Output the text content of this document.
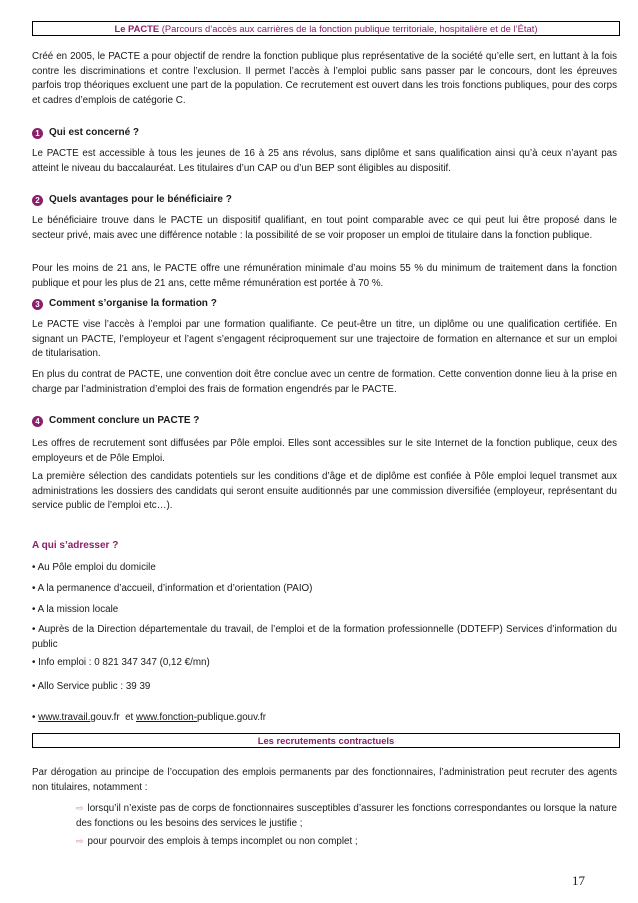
Le PACTE (Parcours d’accès aux carrières de la fonction publique territoriale, hospitalière et de l’État)

Créé en 2005, le PACTE a pour objectif de rendre la fonction publique plus représentative de la société qu’elle sert, en luttant à la fois contre les discriminations et contre l’exclusion. Il permet l’accès à l’emploi public sans passer par le concours, dont les épreuves parfois trop théoriques excluent une part de la population. Ce recrutement est ouvert dans les trois fonctions publiques, pour des corps et cadres d’emplois de catégorie C.

1 Qui est concerné ?

Le PACTE est accessible à tous les jeunes de 16 à 25 ans révolus, sans diplôme et sans qualification ainsi qu’à ceux n’ayant pas atteint le niveau du baccalauréat. Les titulaires d’un CAP ou d’un BEP sont éligibles au dispositif.

2 Quels avantages pour le bénéficiaire ?

Le bénéficiaire trouve dans le PACTE un dispositif qualifiant, en tout point comparable avec ce qui peut lui être proposé dans le secteur privé, mais avec une différence notable : la possibilité de se voir proposer un emploi de titulaire dans la fonction publique.

Pour les moins de 21 ans, le PACTE offre une rémunération minimale d’au moins 55 % du minimum de traitement dans la fonction publique et pour les plus de 21 ans, cette même rémunération est portée à 70 %.

3 Comment s’organise la formation ?

Le PACTE vise l’accès à l’emploi par une formation qualifiante. Ce peut-être un titre, un diplôme ou une qualification certifiée. En signant un PACTE, l’employeur et l’agent s’engagent réciproquement sur une trajectoire de formation en alternance et sur un emploi de titularisation.

En plus du contrat de PACTE, une convention doit être conclue avec un centre de formation. Cette convention donne lieu à la prise en charge par l’administration d’emploi des frais de formation engendrés par le PACTE.

4 Comment conclure un PACTE ?

Les offres de recrutement sont diffusées par Pôle emploi. Elles sont accessibles sur le site Internet de la fonction publique, ceux des employeurs et de Pôle Emploi.

La première sélection des candidats potentiels sur les conditions d’âge et de diplôme est confiée à Pôle emploi lequel transmet aux administrations les dossiers des candidats qui seront ensuite auditionnés par une commission diversifiée (employeur, représentant du service public de l’emploi etc…).

A qui s’adresser ?

• Au Pôle emploi du domicile

• A la permanence d’accueil, d’information et d’orientation (PAIO)

• A la mission locale

• Auprès de la Direction départementale du travail, de l’emploi et de la formation professionnelle (DDTEFP) Services d’information du public

• Info emploi : 0 821 347 347 (0,12 €/mn)

• Allo Service public : 39 39

• www.travail.gouv.fr  et www.fonction-publique.gouv.fr

Les recrutements contractuels

Par dérogation au principe de l’occupation des emplois permanents par des fonctionnaires, l’administration peut recruter des agents non titulaires, notamment :

⇨ lorsqu’il n’existe pas de corps de fonctionnaires susceptibles d’assurer les fonctions correspondantes ou lorsque la nature des fonctions ou les besoins des services le justifie ;

⇨ pour pourvoir des emplois à temps incomplet ou non complet ;

17
